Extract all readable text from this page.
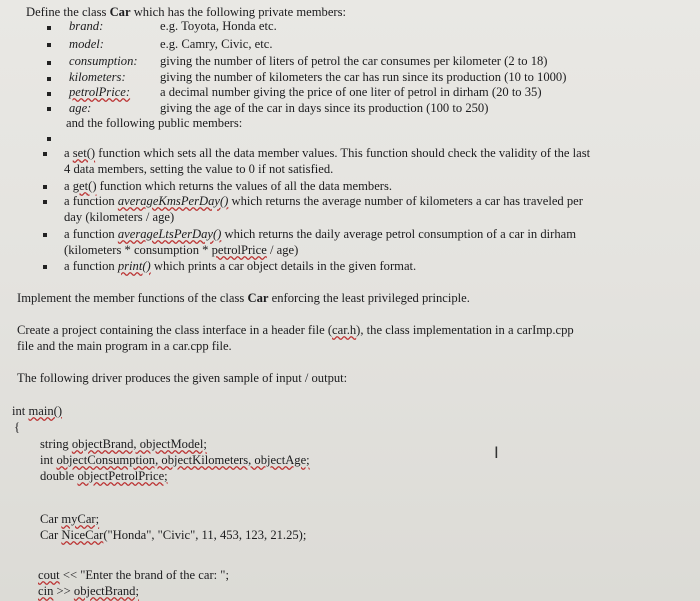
Define the class Car which has the following private members:
brand:	e.g. Toyota, Honda etc.
model:	e.g. Camry, Civic, etc.
consumption: giving the number of liters of petrol the car consumes per kilometer (2 to 18)
kilometers:	giving the number of kilometers the car has run since its production (10 to 1000)
petrolPrice: a decimal number giving the price of one liter of petrol in dirham (20 to 35)
age:	giving the age of the car in days since its production (100 to 250)
and the following public members:
a set() function which sets all the data member values. This function should check the validity of the last
4 data members, setting the value to 0 if not satisfied.
a get() function which returns the values of all the data members.
a function averageKmsPerDay() which returns the average number of kilometers a car has traveled per
day (kilometers / age)
a function averageLtsPerDay() which returns the daily average petrol consumption of a car in dirham
(kilometers * consumption * petrolPrice / age)
a function print() which prints a car object details in the given format.
Implement the member functions of the class Car enforcing the least privileged principle.
Create a project containing the class interface in a header file (car.h), the class implementation in a carImp.cpp
file and the main program in a car.cpp file.
The following driver produces the given sample of input / output:
int main()
{
string objectBrand, objectModel;
int objectConsumption, objectKilometers, objectAge;
double objectPetrolPrice;
Car myCar;
Car NiceCar("Honda", "Civic", 11, 453, 123, 21.25);
cout << "Enter the brand of the car: ";
cin >> objectBrand;
I
